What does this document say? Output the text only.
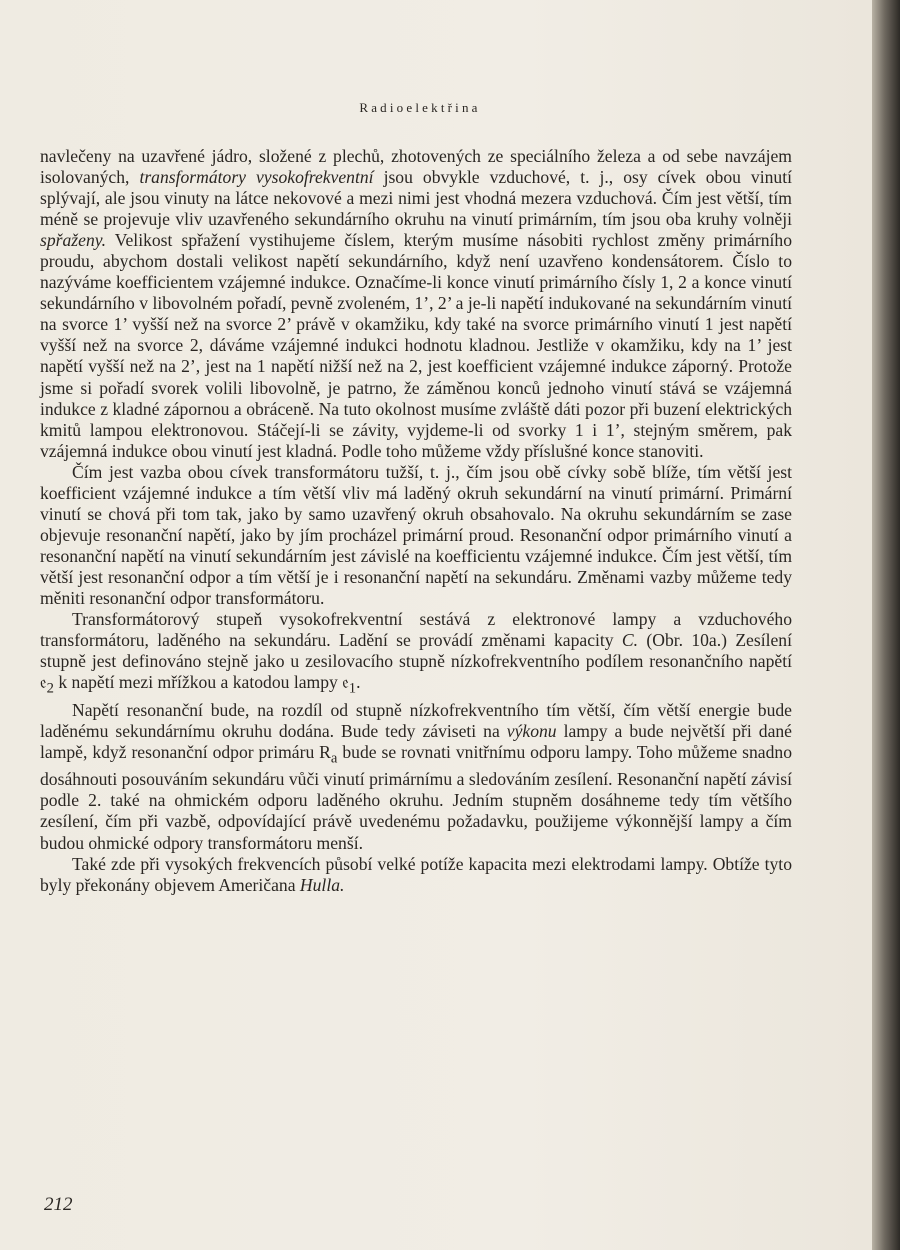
Radioelektřina

navlečeny na uzavřené jádro, složené z plechů, zhotovených ze speciálního železa a od sebe navzájem isolovaných, transformátory vysokofrekventní jsou obvykle vzduchové, t. j., osy cívek obou vinutí splývají, ale jsou vinuty na látce nekovové a mezi nimi jest vhodná mezera vzduchová. Čím jest větší, tím méně se projevuje vliv uzavřeného sekundárního okruhu na vinutí primárním, tím jsou oba kruhy volněji spřaženy. Velikost spřažení vystihujeme číslem, kterým musíme násobiti rychlost změny primárního proudu, abychom dostali velikost napětí sekundárního, když není uzavřeno kondensátorem. Číslo to nazýváme koefficientem vzájemné indukce. Označíme-li konce vinutí primárního čísly 1, 2 a konce vinutí sekundárního v libovolném pořadí, pevně zvoleném, 1’, 2’ a je-li napětí indukované na sekundárním vinutí na svorce 1’ vyšší než na svorce 2’ právě v okamžiku, kdy také na svorce primárního vinutí 1 jest napětí vyšší než na svorce 2, dáváme vzájemné indukci hodnotu kladnou. Jestliže v okamžiku, kdy na 1’ jest napětí vyšší než na 2’, jest na 1 napětí nižší než na 2, jest koefficient vzájemné indukce záporný. Protože jsme si pořadí svorek volili libovolně, je patrno, že záměnou konců jednoho vinutí stává se vzájemná indukce z kladné zápornou a obráceně. Na tuto okolnost musíme zvláště dáti pozor při buzení elektrických kmitů lampou elektronovou. Stáčejí-li se závity, vyjdeme-li od svorky 1 i 1’, stejným směrem, pak vzájemná indukce obou vinutí jest kladná. Podle toho můžeme vždy příslušné konce stanoviti.

Čím jest vazba obou cívek transformátoru tužší, t. j., čím jsou obě cívky sobě blíže, tím větší jest koefficient vzájemné indukce a tím větší vliv má laděný okruh sekundární na vinutí primární. Primární vinutí se chová při tom tak, jako by samo uzavřený okruh obsahovalo. Na okruhu sekundárním se zase objevuje resonanční napětí, jako by jím procházel primární proud. Resonanční odpor primárního vinutí a resonanční napětí na vinutí sekundárním jest závislé na koefficientu vzájemné indukce. Čím jest větší, tím větší jest resonanční odpor a tím větší je i resonanční napětí na sekundáru. Změnami vazby můžeme tedy měniti resonanční odpor transformátoru.

Transformátorový stupeň vysokofrekventní sestává z elektronové lampy a vzduchového transformátoru, laděného na sekundáru. Ladění se provádí změnami kapacity C. (Obr. 10a.) Zesílení stupně jest definováno stejně jako u zesilovacího stupně nízkofrekventního podílem resonančního napětí 𝔢$_2$ k napětí mezi mřížkou a katodou lampy 𝔢$_1$.

Napětí resonanční bude, na rozdíl od stupně nízkofrekventního tím větší, čím větší energie bude laděnému sekundárnímu okruhu dodána. Bude tedy záviseti na výkonu lampy a bude největší při dané lampě, když resonanční odpor primáru $R_a$ bude se rovnati vnitřnímu odporu lampy. Toho můžeme snadno dosáhnouti posouváním sekundáru vůči vinutí primárnímu a sledováním zesílení. Resonanční napětí závisí podle 2. také na ohmickém odporu laděného okruhu. Jedním stupněm dosáhneme tedy tím většího zesílení, čím při vazbě, odpovídající právě uvedenému požadavku, použijeme výkonnější lampy a čím budou ohmické odpory transformátoru menší.

Také zde při vysokých frekvencích působí velké potíže kapacita mezi elektrodami lampy. Obtíže tyto byly překonány objevem Američana Hulla.

212
